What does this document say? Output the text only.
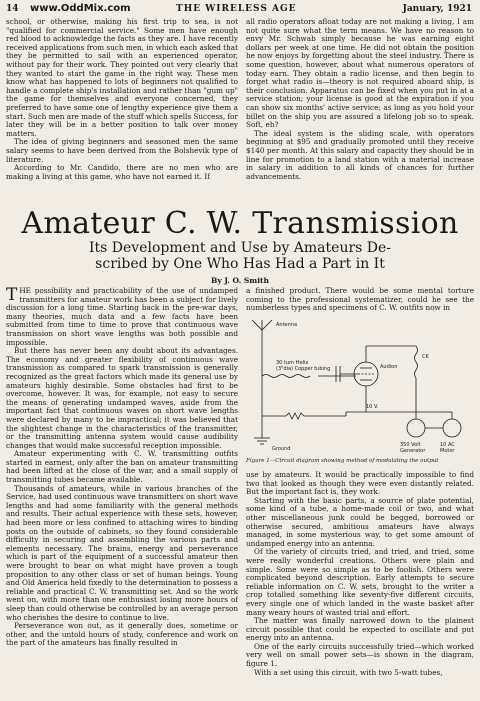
14 www.OddMix.com	THE WIRELESS AGE	January, 1921

school, or otherwise, making his first trip to sea, is not "qualified for commercial service." Some men have enough red blood to acknowledge the facts as they are. I have recently received applications from such men, in which each asked that they be permitted to sail with an experienced operator, without pay for their work. They pointed out very clearly that they wanted to start the game in the right way. These men know what has happened to lots of beginners not qualified to handle a complete ship's installation and rather than "gum up" the game for themselves and everyone concerned, they preferred to have some one of lengthy experience give them a start. Such men are made of the stuff which spells Success, for later they will be in a better position to talk over money matters.

The idea of giving beginners and seasoned men the same salary seems to have been derived from the Bolshevik type of literature.

According to Mr. Candido, there are no men who are making a living at this game, who have not earned it. If

all radio operators afloat today are not making a living, I am not quite sure what the term means. We have no reason to envy Mr. Schwab simply because he was earning eight dollars per week at one time. He did not obtain the position he now enjoys by forgetting about the steel industry. There is some question, however, about what numerous operators of today earn. They obtain a radio license, and then begin to forget what radio is—theory is not required aboard ship, is their conclusion. Apparatus can be fixed when you put in at a service station; your license is good at the expiration if you can show six months' active service; as long as you hold your billet on the ship you are assured a lifelong job so to speak. Soft, eh?

The ideal system is the sliding scale, with operators beginning at $95 and gradually promoted until they receive $140 per month. At this salary and capacity they should be in line for promotion to a land station with a material increase in salary in addition to all kinds of chances for further advancements.

Amateur C. W. Transmission
Its Development and Use by Amateurs De-
scribed by One Who Has Had a Part in It
By J. O. Smith

THE possibility and practicability of the use of undamped transmitters for amateur work has been a subject for lively discussion for a long time. Starting back in the pre-war days, many theories, much data and a few facts have been submitted from time to time to prove that continuous wave transmission on short wave lengths was both possible and impossible.

But there has never been any doubt about its advantages. The economy and greater flexibility of continuous wave transmission as compared to spark transmission is generally recognized as the great factors which made its general use by amateurs highly desirable. Some obstacles had first to be overcome, however. It was, for example, not easy to secure the means of generating undamped waves, aside from the important fact that continuous waves on short wave lengths were declared by many to be impractical; it was believed that the slightest change in the characteristics of the transmitter, or the transmitting antenna system would cause audibility changes that would make successful reception impossible.

Amateur experimenting with C. W. transmitting outfits started in earnest, only after the ban on amateur transmitting had been lifted at the close of the war, and a small supply of transmitting tubes became available.

Thousands of amateurs, while in various branches of the Service, had used continuous wave transmitters on short wave lengths and had some familiarity with the general methods and results. Their actual experience with these sets, however, had been more or less confined to attaching wires to binding posts on the outside of cabinets, so they found considerable difficulty in securing and assembling the various parts and elements necessary. The brains, energy and perseverance which is part of the equipment of a successful amateur then were brought to bear on what might have proven a tough proposition to any other class or set of human beings. Young and Old America held fixedly to the determination to possess a reliable and practical C. W. transmitting set. And so the work went on, with more than one enthusiast losing more hours of sleep than could otherwise be controlled by an average person who cherishes the desire to continue to live.

Perseverance won out, as it generally does, sometime or other, and the untold hours of study, conference and work on the part of the amateurs has finally resulted in

a finished product. There would be some mental torture coming to the professional systematizer, could he see the numberless types and specimens of C. W. outfits now in

Antenna
30 turn Helix
(3"dia) Copper tubing	Audion
CK
10 V.
350 Volt
Generator
10 AC
Motor
Ground
Figure 1—Circuit diagram showing method of modulating the output

use by amateurs. It would be practically impossible to find two that looked as though they were even distantly related. But the important fact is, they work.

Starting with the basic parts, a source of plate potential, some kind of a tube, a home-made coil or two, and what other miscellaneous junk could be begged, borrowed or otherwise secured, ambitious amateurs have always managed, in some mysterious way, to get some amount of undamped energy into an antenna.

Of the variety of circuits tried, and tried, and tried, some were really wonderful creations. Others were plain and simple. Some were so simple as to be foolish. Others were complicated beyond description. Early attempts to secure reliable information on C. W. sets, brought to the writer a crop totalled something like seventy-five different circuits, every single one of which landed in the waste basket after many weary hours of wasted trial and effort.

The matter was finally narrowed down to the plainest circuit possible that could be expected to oscillate and put energy into an antenna.

One of the early circuits successfully tried—which worked very well on small power sets—is shown in the diagram, figure 1.

With a set using this circuit, with two 5-watt tubes,
